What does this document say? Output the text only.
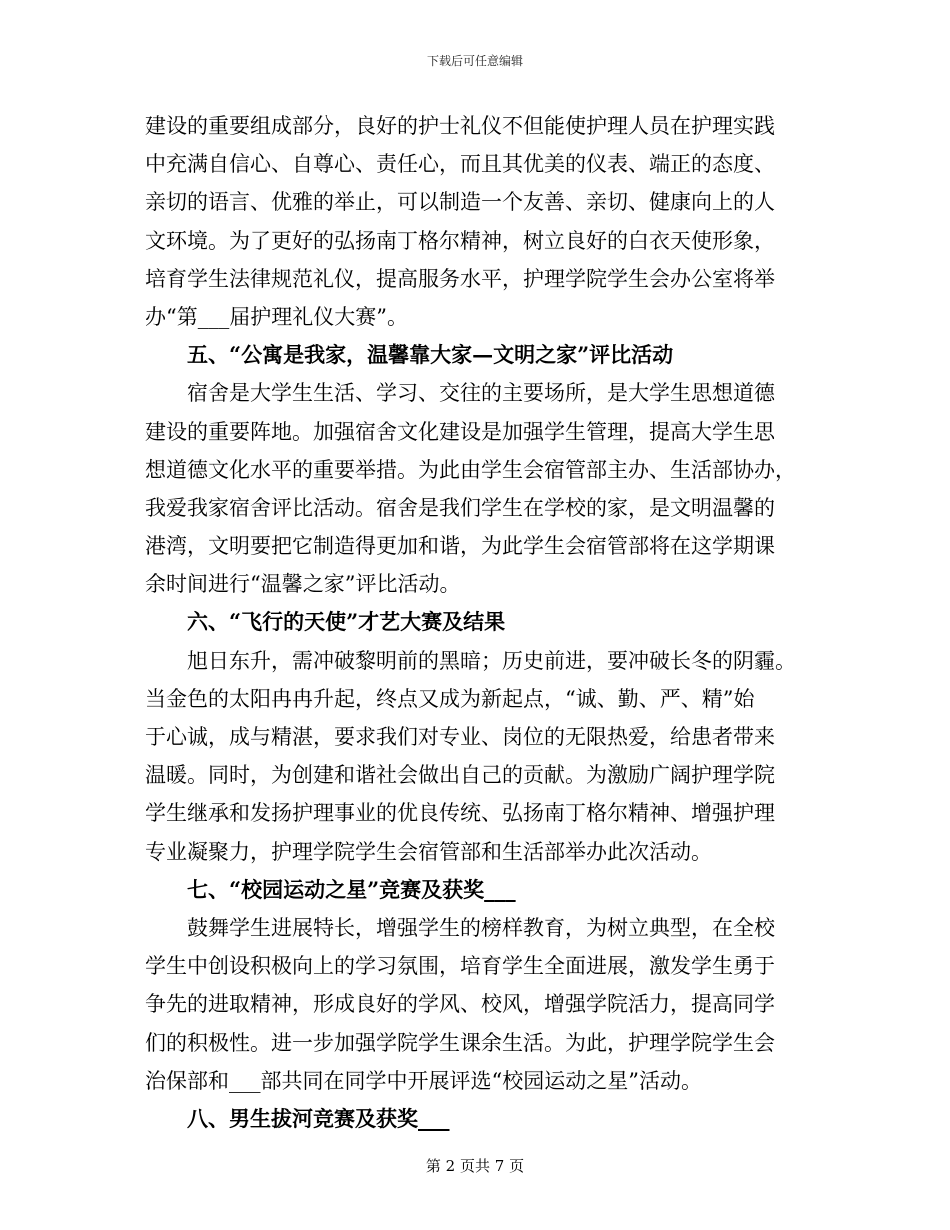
下载后可任意编辑
建设的重要组成部分，良好的护士礼仪不但能使护理人员在护理实践
中充满自信心、自尊心、责任心，而且其优美的仪表、端正的态度、
亲切的语言、优雅的举止，可以制造一个友善、亲切、健康向上的人
文环境。为了更好的弘扬南丁格尔精神，树立良好的白衣天使形象，
培育学生法律规范礼仪，提高服务水平，护理学院学生会办公室将举
办“第___届护理礼仪大赛”。
五、“公寓是我家，温馨靠大家—文明之家”评比活动
宿舍是大学生生活、学习、交往的主要场所，是大学生思想道德
建设的重要阵地。加强宿舍文化建设是加强学生管理，提高大学生思
想道德文化水平的重要举措。为此由学生会宿管部主办、生活部协办，
我爱我家宿舍评比活动。宿舍是我们学生在学校的家，是文明温馨的
港湾，文明要把它制造得更加和谐，为此学生会宿管部将在这学期课
余时间进行“温馨之家”评比活动。
六、“飞行的天使”才艺大赛及结果
旭日东升，需冲破黎明前的黑暗；历史前进，要冲破长冬的阴霾。
当金色的太阳冉冉升起，终点又成为新起点，“诚、勤、严、精”始
于心诚，成与精湛，要求我们对专业、岗位的无限热爱，给患者带来
温暖。同时，为创建和谐社会做出自己的贡献。为激励广阔护理学院
学生继承和发扬护理事业的优良传统、弘扬南丁格尔精神、增强护理
专业凝聚力，护理学院学生会宿管部和生活部举办此次活动。
七、“校园运动之星”竞赛及获奖___
鼓舞学生进展特长，增强学生的榜样教育，为树立典型，在全校
学生中创设积极向上的学习氛围，培育学生全面进展，激发学生勇于
争先的进取精神，形成良好的学风、校风，增强学院活力，提高同学
们的积极性。进一步加强学院学生课余生活。为此，护理学院学生会
治保部和___部共同在同学中开展评选“校园运动之星”活动。
八、男生拔河竞赛及获奖___
第 2 页共 7 页
